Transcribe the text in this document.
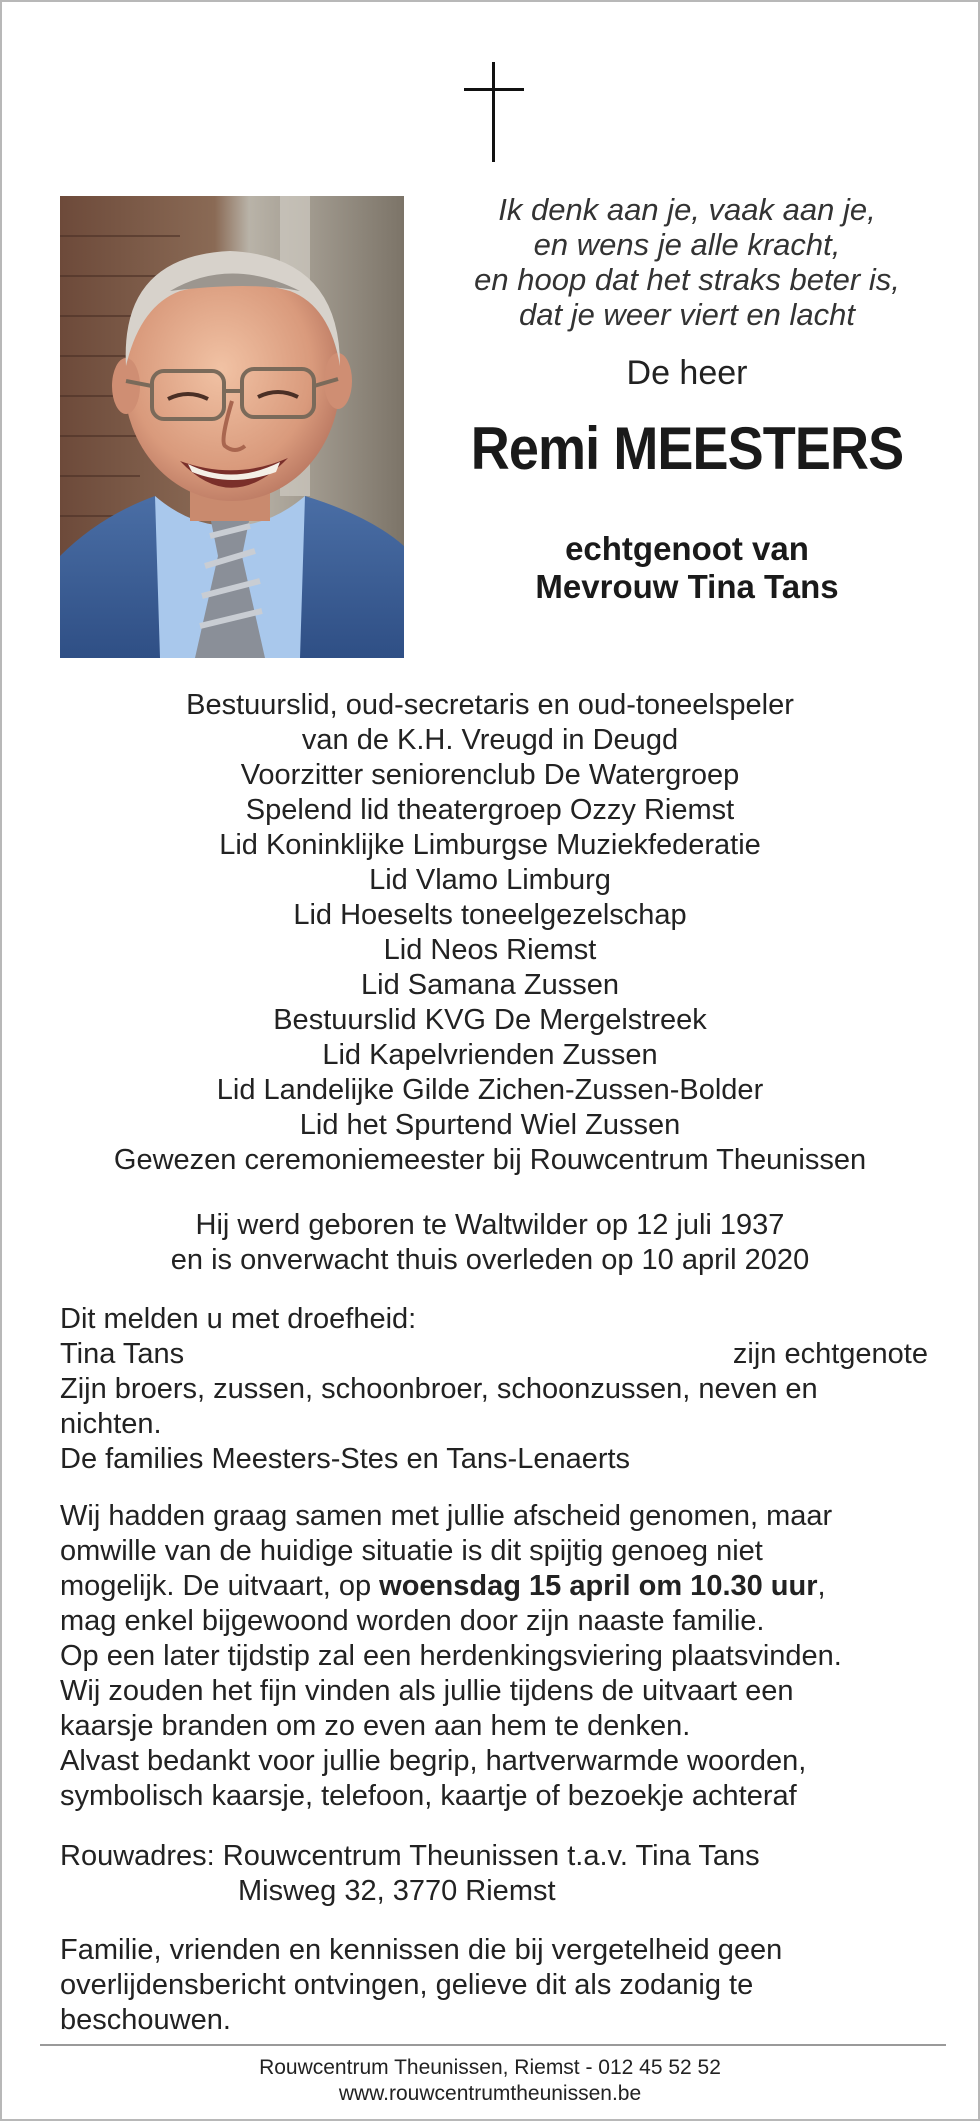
Ik denk aan je, vaak aan je,
en wens je alle kracht,
en hoop dat het straks beter is,
dat je weer viert en lacht
De heer
Remi MEESTERS
echtgenoot van
Mevrouw Tina Tans
Bestuurslid, oud-secretaris en oud-toneelspeler
van de K.H. Vreugd in Deugd
Voorzitter seniorenclub De Watergroep
Spelend lid theatergroep Ozzy Riemst
Lid Koninklijke Limburgse Muziekfederatie
Lid Vlamo Limburg
Lid Hoeselts toneelgezelschap
Lid Neos Riemst
Lid Samana Zussen
Bestuurslid KVG De Mergelstreek
Lid Kapelvrienden Zussen
Lid Landelijke Gilde Zichen-Zussen-Bolder
Lid het Spurtend Wiel Zussen
Gewezen ceremoniemeester bij Rouwcentrum Theunissen
Hij werd geboren te Waltwilder op 12 juli 1937
en is onverwacht thuis overleden op 10 april 2020
Dit melden u met droefheid:
Tina Tans	zijn echtgenote
Zijn broers, zussen, schoonbroer, schoonzussen, neven en
nichten.
De families Meesters-Stes en Tans-Lenaerts
Wij hadden graag samen met jullie afscheid genomen, maar
omwille van de huidige situatie is dit spijtig genoeg niet
mogelijk. De uitvaart, op woensdag 15 april om 10.30 uur,
mag enkel bijgewoond worden door zijn naaste familie.
Op een later tijdstip zal een herdenkingsviering plaatsvinden.
Wij zouden het fijn vinden als jullie tijdens de uitvaart een
kaarsje branden om zo even aan hem te denken.
Alvast bedankt voor jullie begrip, hartverwarmde woorden,
symbolisch kaarsje, telefoon, kaartje of bezoekje achteraf
Rouwadres: Rouwcentrum Theunissen t.a.v. Tina Tans
Misweg 32, 3770 Riemst
Familie, vrienden en kennissen die bij vergetelheid geen
overlijdensbericht ontvingen, gelieve dit als zodanig te
beschouwen.
Rouwcentrum Theunissen, Riemst - 012 45 52 52
www.rouwcentrumtheunissen.be
